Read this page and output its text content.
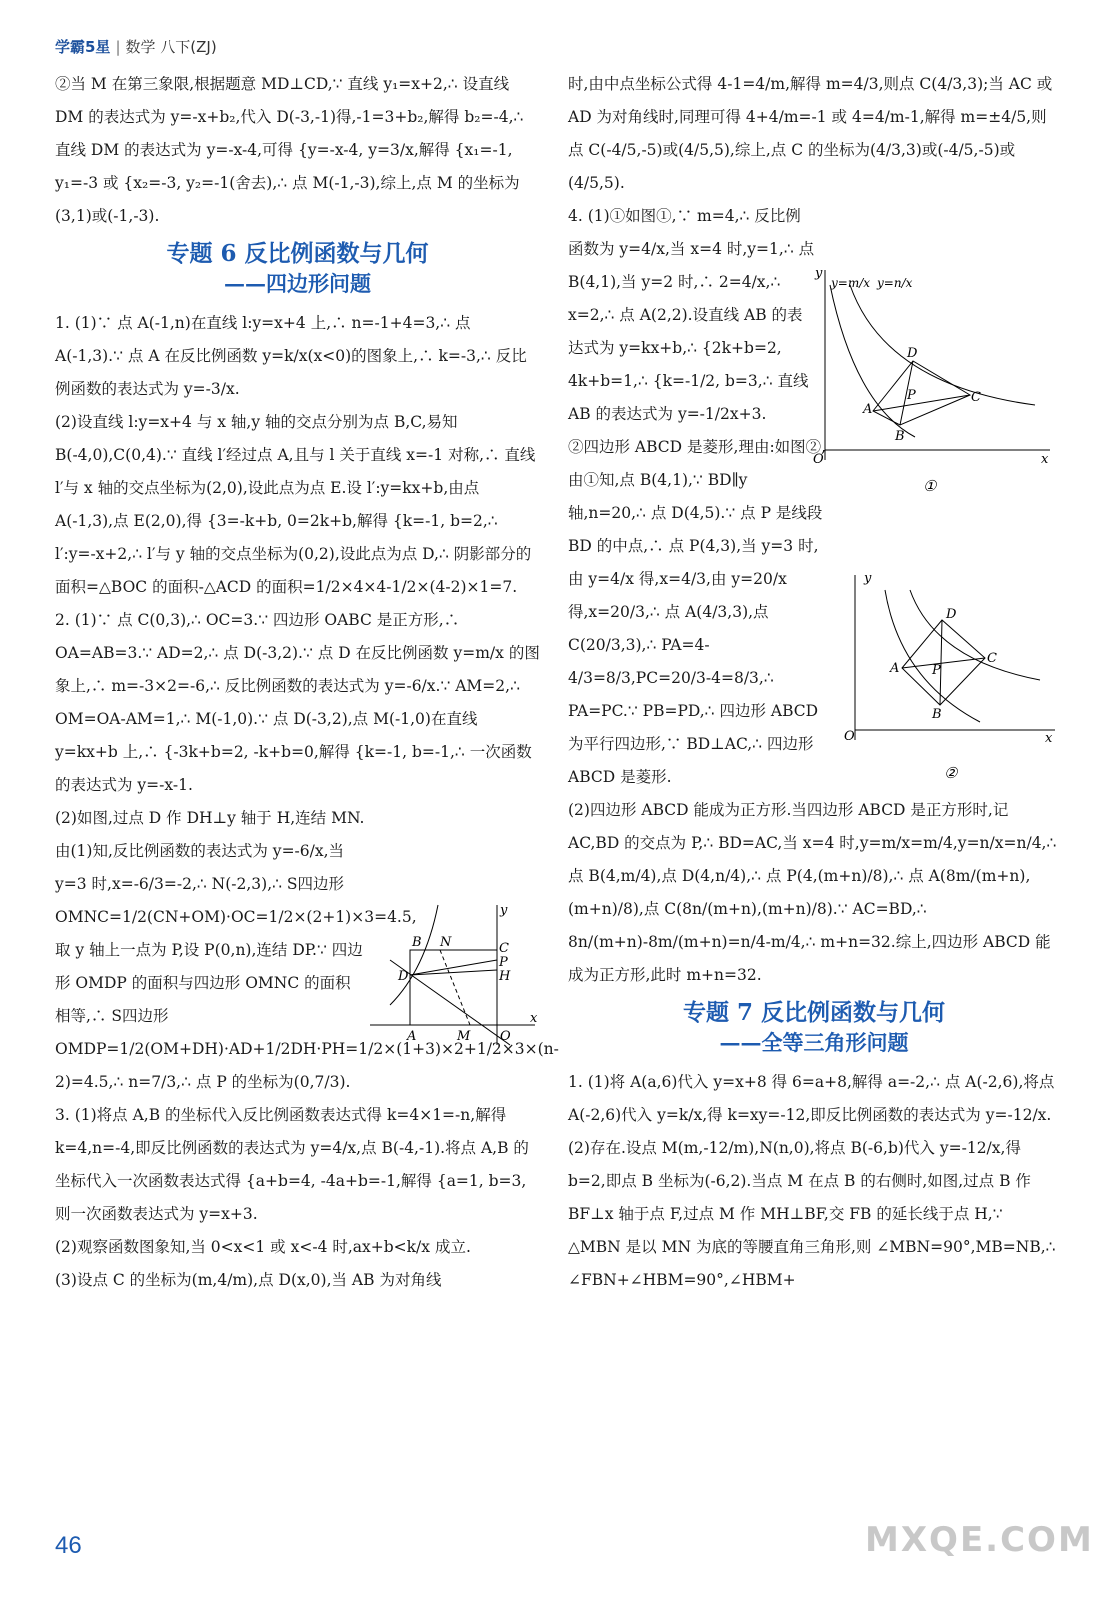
学霸5星 | 数学 八下(ZJ)

②当 M 在第三象限,根据题意 MD⊥CD,∵ 直线 y₁=x+2,∴ 设直线 DM 的表达式为 y=-x+b₂,代入 D(-3,-1)得,-1=3+b₂,解得 b₂=-4,∴ 直线 DM 的表达式为 y=-x-4,可得 {y=-x-4, y=3/x,解得 {x₁=-1, y₁=-3 或 {x₂=-3, y₂=-1(舍去),∴ 点 M(-1,-3),综上,点 M 的坐标为(3,1)或(-1,-3).

专题 6 反比例函数与几何
——四边形问题

1. (1)∵ 点 A(-1,n)在直线 l:y=x+4 上,∴ n=-1+4=3,∴ 点 A(-1,3).∵ 点 A 在反比例函数 y=k/x(x<0)的图象上,∴ k=-3,∴ 反比例函数的表达式为 y=-3/x.

(2)设直线 l:y=x+4 与 x 轴,y 轴的交点分别为点 B,C,易知 B(-4,0),C(0,4).∵ 直线 l′经过点 A,且与 l 关于直线 x=-1 对称,∴ 直线 l′与 x 轴的交点坐标为(2,0),设此点为点 E.设 l′:y=kx+b,由点 A(-1,3),点 E(2,0),得 {3=-k+b, 0=2k+b,解得 {k=-1, b=2,∴ l′:y=-x+2,∴ l′与 y 轴的交点坐标为(0,2),设此点为点 D,∴ 阴影部分的面积=△BOC 的面积-△ACD 的面积=1/2×4×4-1/2×(4-2)×1=7.

2. (1)∵ 点 C(0,3),∴ OC=3.∵ 四边形 OABC 是正方形,∴ OA=AB=3.∵ AD=2,∴ 点 D(-3,2).∵ 点 D 在反比例函数 y=m/x 的图象上,∴ m=-3×2=-6,∴ 反比例函数的表达式为 y=-6/x.∵ AM=2,∴ OM=OA-AM=1,∴ M(-1,0).∵ 点 D(-3,2),点 M(-1,0)在直线 y=kx+b 上,∴ {-3k+b=2, -k+b=0,解得 {k=-1, b=-1,∴ 一次函数的表达式为 y=-x-1.

(2)如图,过点 D 作 DH⊥y 轴于 H,连结 MN.由(1)知,反比例函数的表达式为 y=-6/x,当 y=3 时,x=-6/3=-2,∴ N(-2,3),∴ S四边形OMNC=1/2(CN+OM)·OC=1/2×(2+1)×3=4.5,取 y 轴上一点为 P,设 P(0,n),连结 DP.∵ 四边形 OMDP 的面积与四边形 OMNC 的面积相等,∴ S四边形OMDP=1/2(OM+DH)·AD+1/2DH·PH=1/2×(1+3)×2+1/2×3×(n-2)=4.5,∴ n=7/3,∴ 点 P 的坐标为(0,7/3).

3. (1)将点 A,B 的坐标代入反比例函数表达式得 k=4×1=-n,解得 k=4,n=-4,即反比例函数的表达式为 y=4/x,点 B(-4,-1).将点 A,B 的坐标代入一次函数表达式得 {a+b=4, -4a+b=-1,解得 {a=1, b=3,则一次函数表达式为 y=x+3.

(2)观察函数图象知,当 0<x<1 或 x<-4 时,ax+b<k/x 成立.

(3)设点 C 的坐标为(m,4/m),点 D(x,0),当 AB 为对角线

B N	C
P
H
D
A	M O
x
y

时,由中点坐标公式得 4-1=4/m,解得 m=4/3,则点 C(4/3,3);当 AC 或 AD 为对角线时,同理可得 4+4/m=-1 或 4=4/m-1,解得 m=±4/5,则点 C(-4/5,-5)或(4/5,5),综上,点 C 的坐标为(4/3,3)或(-4/5,-5)或(4/5,5).

4. (1)①如图①,∵ m=4,∴ 反比例函数为 y=4/x,当 x=4 时,y=1,∴ 点 B(4,1),当 y=2 时,∴ 2=4/x,∴ x=2,∴ 点 A(2,2).设直线 AB 的表达式为 y=kx+b,∴ {2k+b=2, 4k+b=1,∴ {k=-1/2, b=3,∴ 直线 AB 的表达式为 y=-1/2x+3.

②四边形 ABCD 是菱形,理由:如图②,由①知,点 B(4,1),∵ BD∥y 轴,n=20,∴ 点 D(4,5).∵ 点 P 是线段 BD 的中点,∴ 点 P(4,3),当 y=3 时,由 y=4/x 得,x=4/3,由 y=20/x 得,x=20/3,∴ 点 A(4/3,3),点 C(20/3,3),∴ PA=4-4/3=8/3,PC=20/3-4=8/3,∴ PA=PC.∵ PB=PD,∴ 四边形 ABCD 为平行四边形,∵ BD⊥AC,∴ 四边形 ABCD 是菱形.

(2)四边形 ABCD 能成为正方形.当四边形 ABCD 是正方形时,记 AC,BD 的交点为 P,∴ BD=AC,当 x=4 时,y=m/x=m/4,y=n/x=n/4,∴ 点 B(4,m/4),点 D(4,n/4),∴ 点 P(4,(m+n)/8),∴ 点 A(8m/(m+n),(m+n)/8),点 C(8n/(m+n),(m+n)/8).∵ AC=BD,∴ 8n/(m+n)-8m/(m+n)=n/4-m/4,∴ m+n=32.综上,四边形 ABCD 能成为正方形,此时 m+n=32.

专题 7 反比例函数与几何
——全等三角形问题

1. (1)将 A(a,6)代入 y=x+8 得 6=a+8,解得 a=-2,∴ 点 A(-2,6),将点 A(-2,6)代入 y=k/x,得 k=xy=-12,即反比例函数的表达式为 y=-12/x.

(2)存在.设点 M(m,-12/m),N(n,0),将点 B(-6,b)代入 y=-12/x,得 b=2,即点 B 坐标为(-6,2).当点 M 在点 B 的右侧时,如图,过点 B 作 BF⊥x 轴于点 F,过点 M 作 MH⊥BF,交 FB 的延长线于点 H,∵ △MBN 是以 MN 为底的等腰直角三角形,则 ∠MBN=90°,MB=NB,∴ ∠FBN+∠HBM=90°,∠HBM+

y
O	x
A
B
C
D
P
y=m/x y=n/x
①
y
O	x
A
B
C
D
P
②
46	MXQE.COM
